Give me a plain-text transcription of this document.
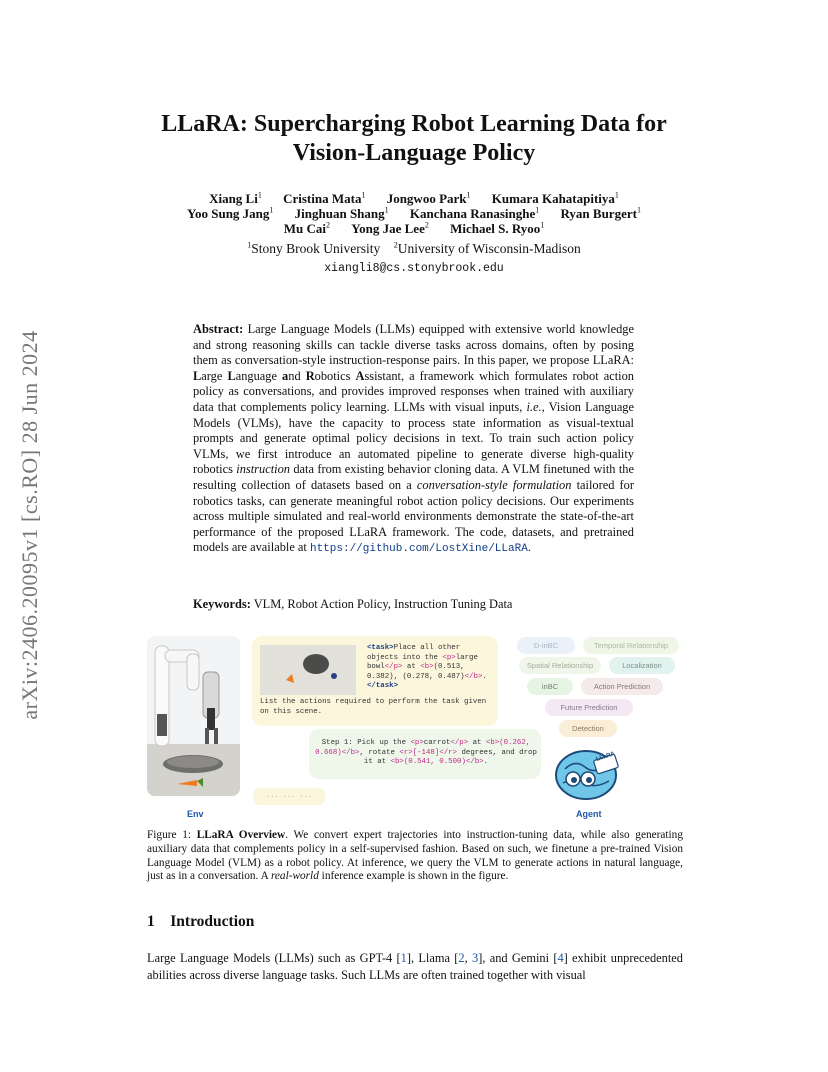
arXiv:2406.20095v1 [cs.RO] 28 Jun 2024
LLaRA: Supercharging Robot Learning Data for
Vision-Language Policy
Xiang Li$^1$ Cristina Mata$^1$ Jongwoo Park$^1$ Kumara Kahatapitiya$^1$
Yoo Sung Jang$^1$ Jinghuan Shang$^1$ Kanchana Ranasinghe$^1$ Ryan Burgert$^1$
Mu Cai$^2$ Yong Jae Lee$^2$ Michael S. Ryoo$^1$
$^1$Stony Brook University $^2$University of Wisconsin-Madison
xiangli8@cs.stonybrook.edu
Abstract: Large Language Models (LLMs) equipped with extensive world knowledge and strong reasoning skills can tackle diverse tasks across domains, often by posing them as conversation-style instruction-response pairs. In this paper, we propose LLaRA: Large Language and Robotics Assistant, a framework which formulates robot action policy as conversations, and provides improved responses when trained with auxiliary data that complements policy learning. LLMs with visual inputs, i.e., Vision Language Models (VLMs), have the capacity to process state information as visual-textual prompts and generate optimal policy decisions in text. To train such action policy VLMs, we first introduce an automated pipeline to generate diverse high-quality robotics instruction data from existing behavior cloning data. A VLM finetuned with the resulting collection of datasets based on a conversation-style formulation tailored for robotics tasks, can generate meaningful robot action policy decisions. Our experiments across multiple simulated and real-world environments demonstrate the state-of-the-art performance of the proposed LLaRA framework. The code, datasets, and pretrained models are available at https://github.com/LostXine/LLaRA.
Keywords: VLM, Robot Action Policy, Instruction Tuning Data
Env
<task>Place all other objects into the <p>large bowl</p> at <b>(0.513, 0.382), (0.278, 0.487)</b>.</task>
List the actions required to perform the task given on this scene.
Step 1: Pick up the <p>carrot</p> at <b>(0.262, 0.668)</b>, rotate <r>[-148]</r> degrees, and drop it at <b>(0.541, 0.500)</b>.
... ... ...
D-inBC	Temporal Relationship
Spatial Relationship	Localization
inBC	Action Prediction
Future Prediction
Detection
LLaRA
Agent
Figure 1: LLaRA Overview. We convert expert trajectories into instruction-tuning data, while also generating auxiliary data that complements policy in a self-supervised fashion. Based on such, we finetune a pre-trained Vision Language Model (VLM) as a robot policy. At inference, we query the VLM to generate actions in natural language, just as in a conversation. A real-world inference example is shown in the figure.
1 Introduction
Large Language Models (LLMs) such as GPT-4 [1], Llama [2, 3], and Gemini [4] exhibit unprecedented abilities across diverse language tasks. Such LLMs are often trained together with visual
